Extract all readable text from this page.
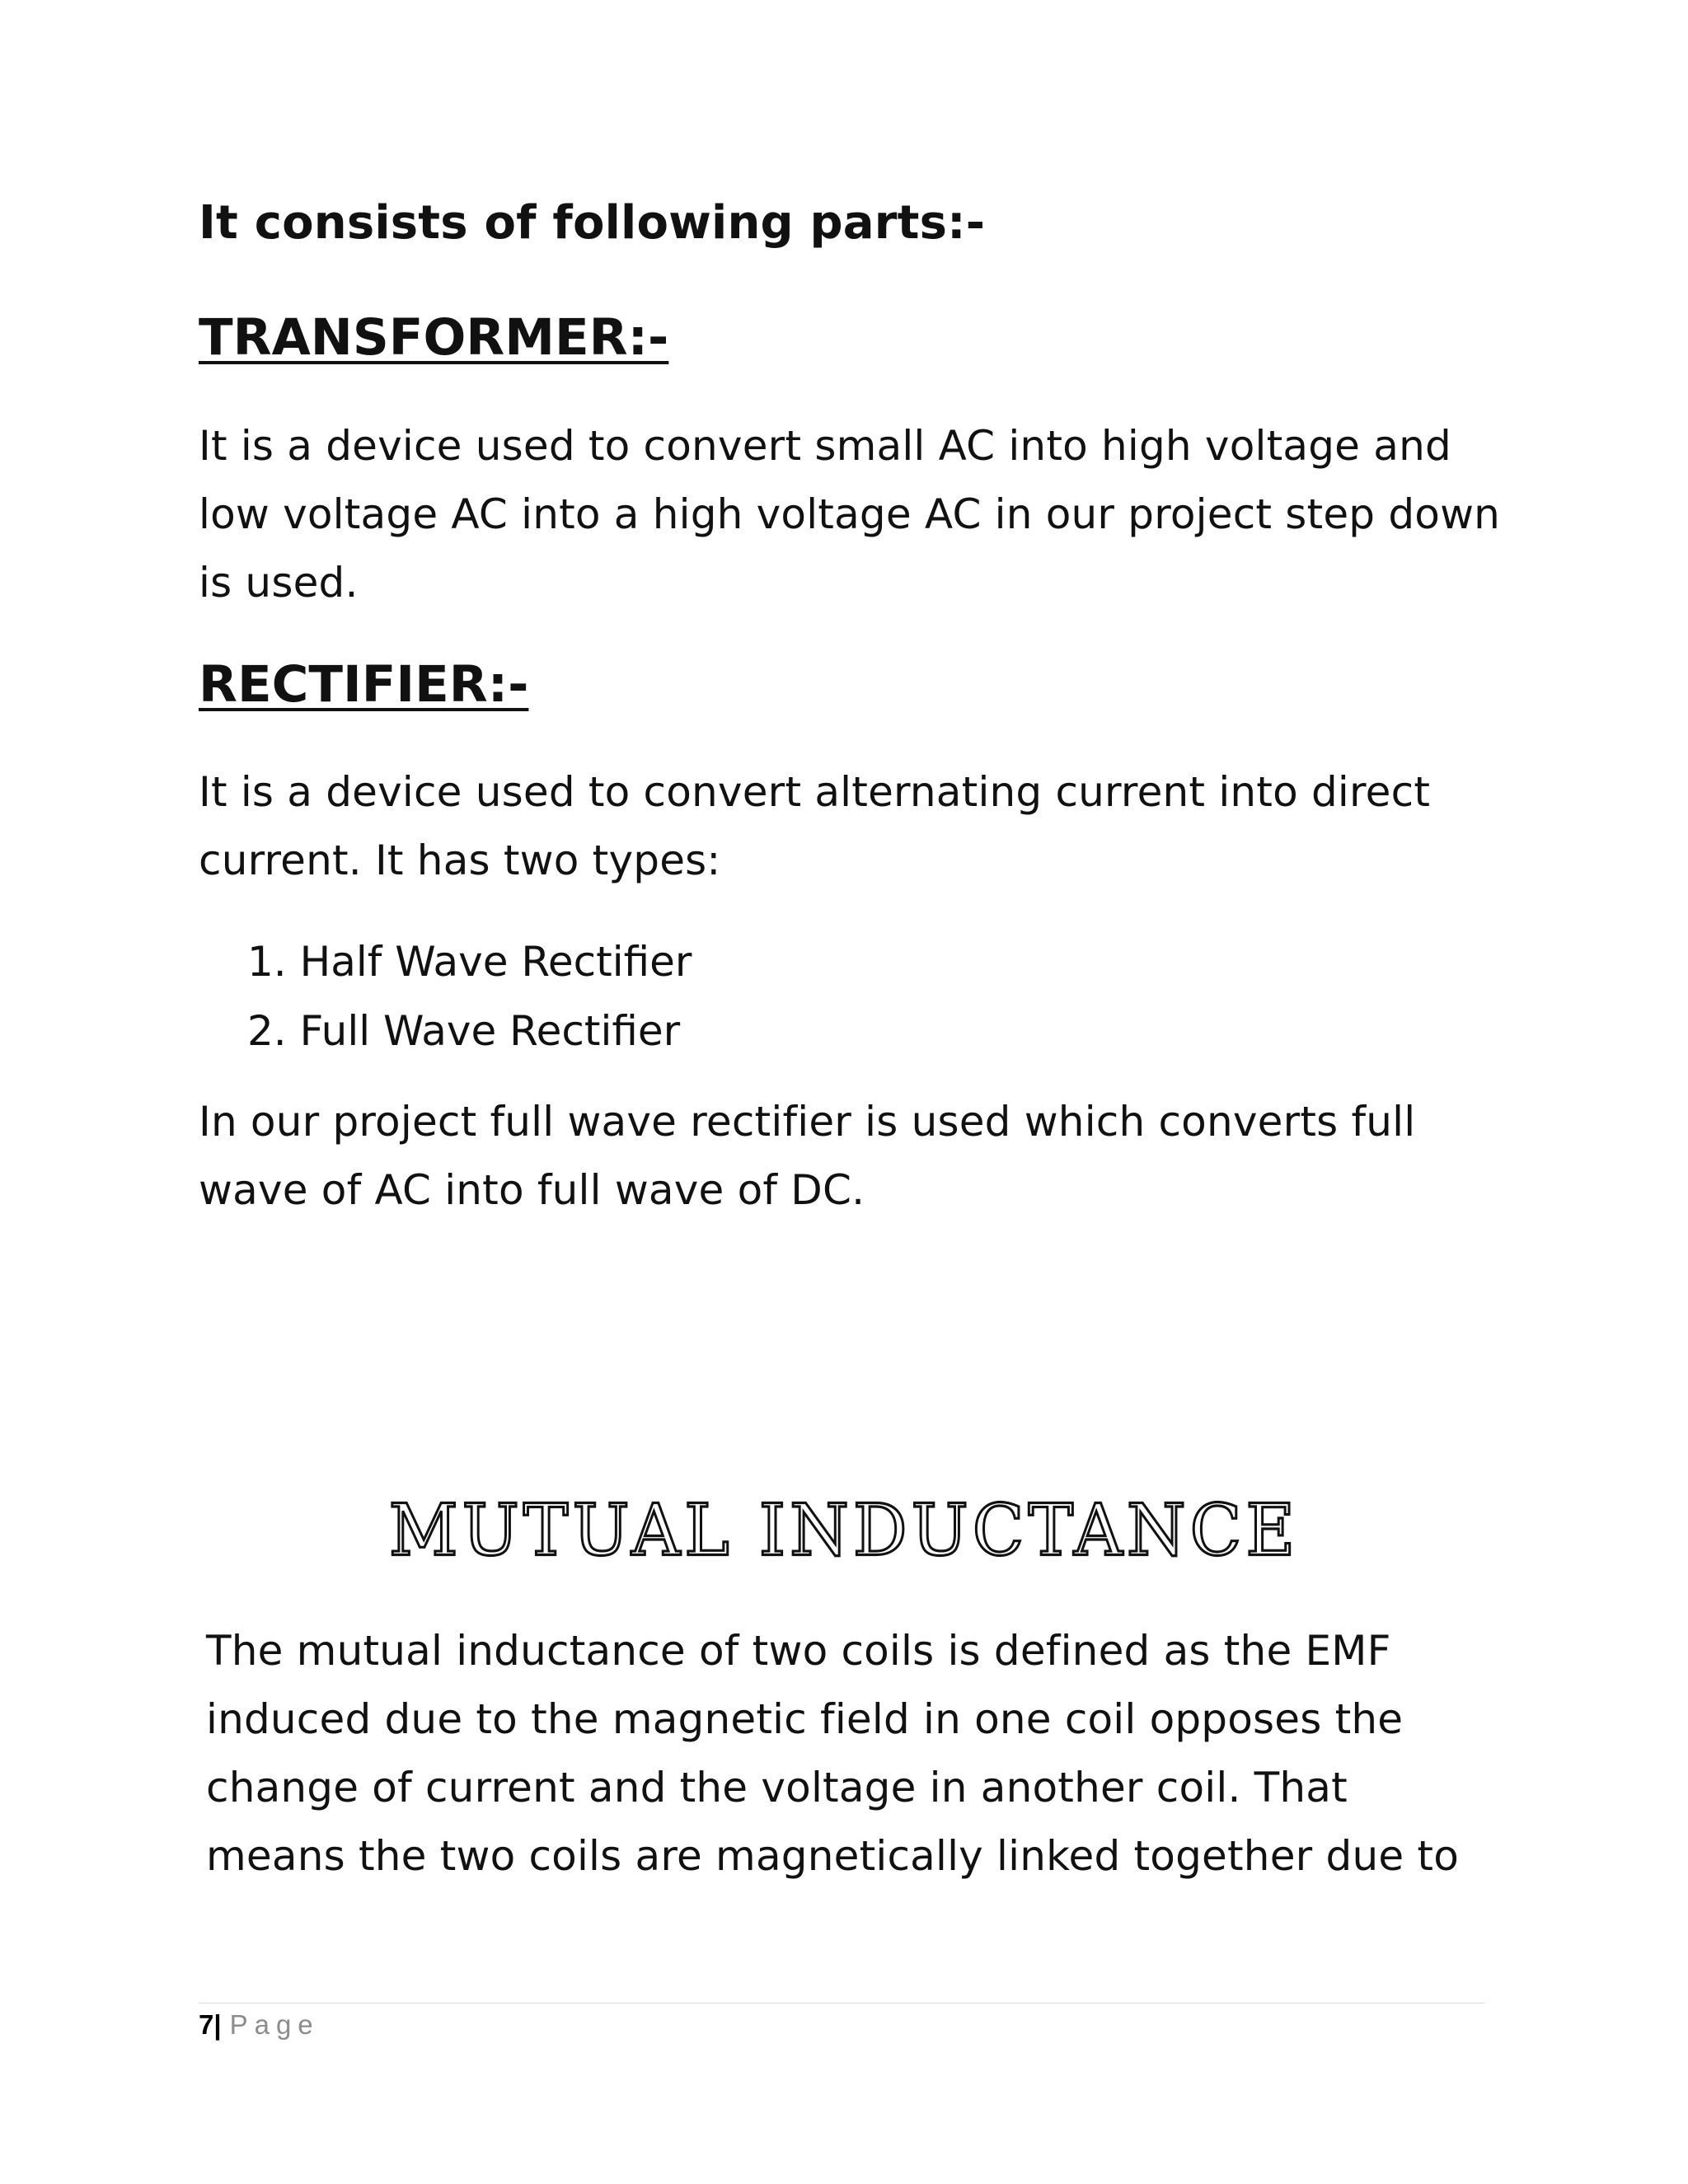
It consists of following parts:-

TRANSFORMER:-

It is a device used to convert small AC into high voltage and
low voltage AC into a high voltage AC in our project step down
is used.

RECTIFIER:-

It is a device used to convert alternating current into direct
current. It has two types:

1. Half Wave Rectifier
2. Full Wave Rectifier

In our project full wave rectifier is used which converts full
wave of AC into full wave of DC.

MUTUAL INDUCTANCE

The mutual inductance of two coils is defined as the EMF
induced due to the magnetic field in one coil opposes the
change of current and the voltage in another coil. That
means the two coils are magnetically linked together due to

7| Page
